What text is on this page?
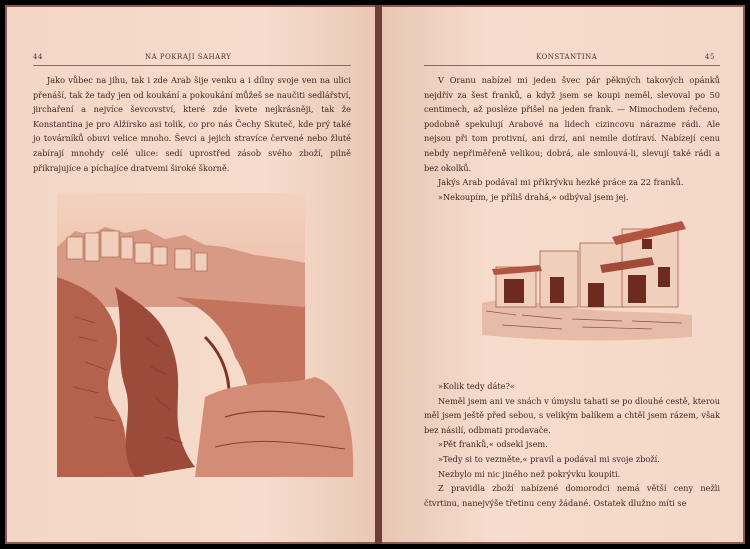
44	NA POKRAJI SAHARY

Jako vůbec na jihu, tak i zde Arab šije venku a i dílny svoje ven na ulici přenáší, tak že tady jen od koukání a pokoukání můžeš se naučiti sedlářství, jirchaření a nejvíce ševcovství, které zde kvete nejkrásněji, tak že Konstantina je pro Alžírsko asi tolik, co pro nás Čechy Skuteč, kde prý také jo továrníků obuvi velice mnoho. Ševci a jejich stravíce červené nebo žluté zabírají mnohdy celé ulice: sedí uprostřed zásob svého zboží, pilně přikrajujíce a píchajíce dratvemi široké škorně.

KONSTANTINA	45

V Oranu nabízel mi jeden švec pár pěkných takových opánků nejdřív za šest franků, a když jsem se koupi neměl, slevoval po 50 centimech, až posléze přišel na jeden frank. — Mimochodem řečeno, podobně spekulují Arabové na lidech cizincovu nárazme rádi. Ale nejsou při tom protivní, ani drzí, ani nemile dotíraví. Nabízejí cenu nebdy nepřiměřeně velikou; dobrá, ale smlouvá-li, slevují také rádi a bez okolků.

Jakýs Arab podával mi přikrývku hezké práce za 22 franků.

»Nekoupím, je příliš drahá,« odbýval jsem jej.

»Kolik tedy dáte?«

Neměl jsem ani ve snách v úmyslu tahati se po dlouhé cestě, kterou měl jsem ještě před sebou, s velikým balíkem a chtěl jsem rázem, však bez násilí, odbmati prodavače.

»Pět franků,« odsekl jsem.

»Tedy si to vezměte,« pravil a podával mi svoje zboží.

Nezbylo mi nic jiného než pokrývku koupiti.

Z pravidla zboží nabízené domorodci nemá větší ceny nežli čtvrtinu, nanejvýše třetinu ceny žádané. Ostatek dlužno míti se
